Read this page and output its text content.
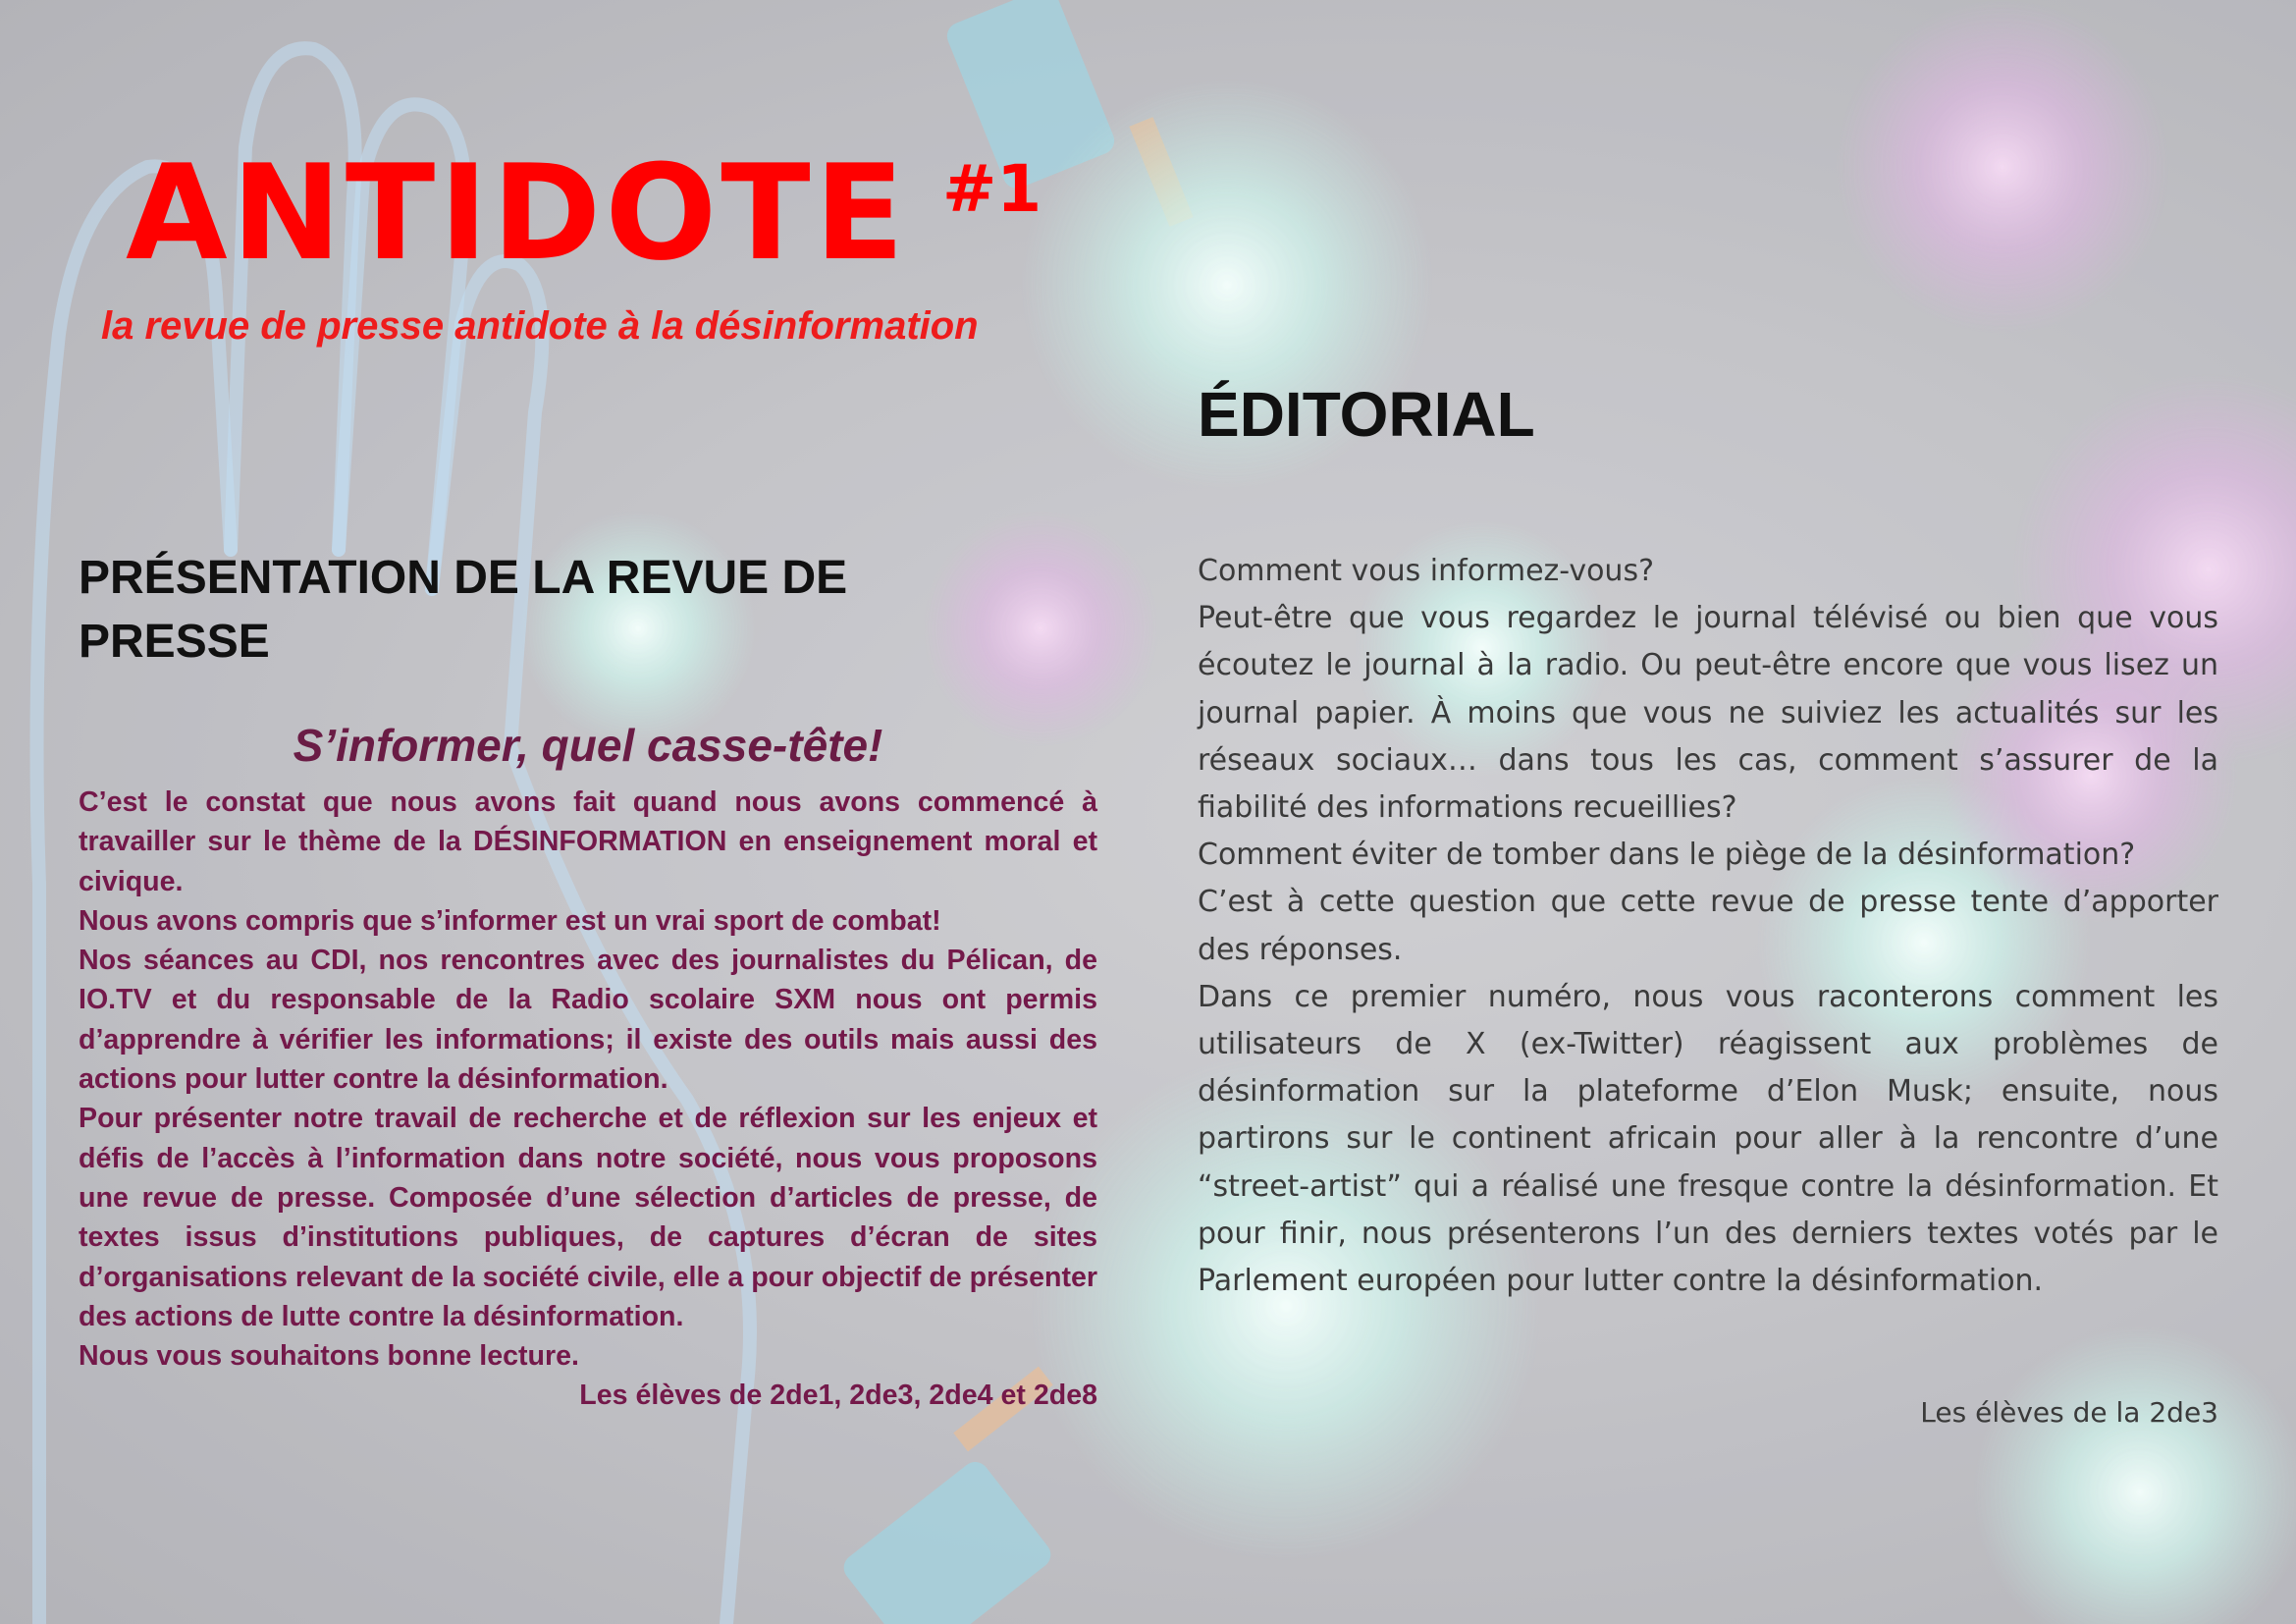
ANTIDOTE #1
la revue de presse antidote à la désinformation
PRÉSENTATION DE LA REVUE DE PRESSE
S’informer, quel casse-tête!

C’est le constat que nous avons fait quand nous avons commencé à travailler sur le thème de la DÉSINFORMATION en enseignement moral et civique.

Nous avons compris que s’informer est un vrai sport de combat!

Nos séances au CDI, nos rencontres avec des journalistes du Pélican, de IO.TV et du responsable de la Radio scolaire SXM nous ont permis d’apprendre à vérifier les informations; il existe des outils mais aussi des actions pour lutter contre la désinformation.

Pour présenter notre travail de recherche et de réflexion sur les enjeux et défis de l’accès à l’information dans notre société, nous vous proposons une revue de presse. Composée d’une sélection d’articles de presse, de textes issus d’institutions publiques, de captures d’écran de sites d’organisations relevant de la société civile, elle a pour objectif de présenter des actions de lutte contre la désinformation.

Nous vous souhaitons bonne lecture.

Les élèves de 2de1, 2de3, 2de4 et 2de8

ÉDITORIAL

Comment vous informez-vous?

Peut-être que vous regardez le journal télévisé ou bien que vous écoutez le journal à la radio. Ou peut-être encore que vous lisez un journal papier. À moins que vous ne suiviez les actualités sur les réseaux sociaux… dans tous les cas, comment s’assurer de la fiabilité des informations recueillies?

Comment éviter de tomber dans le piège de la désinformation?

C’est à cette question que cette revue de presse tente d’apporter des réponses.

Dans ce premier numéro, nous vous raconterons comment les utilisateurs de X (ex-Twitter) réagissent aux problèmes de désinformation sur la plateforme d’Elon Musk; ensuite, nous partirons sur le continent africain pour aller à la rencontre d’une “street-artist” qui a réalisé une fresque contre la désinformation. Et pour finir, nous présenterons l’un des derniers textes votés par le Parlement européen pour lutter contre la désinformation.

Les élèves de la 2de3
